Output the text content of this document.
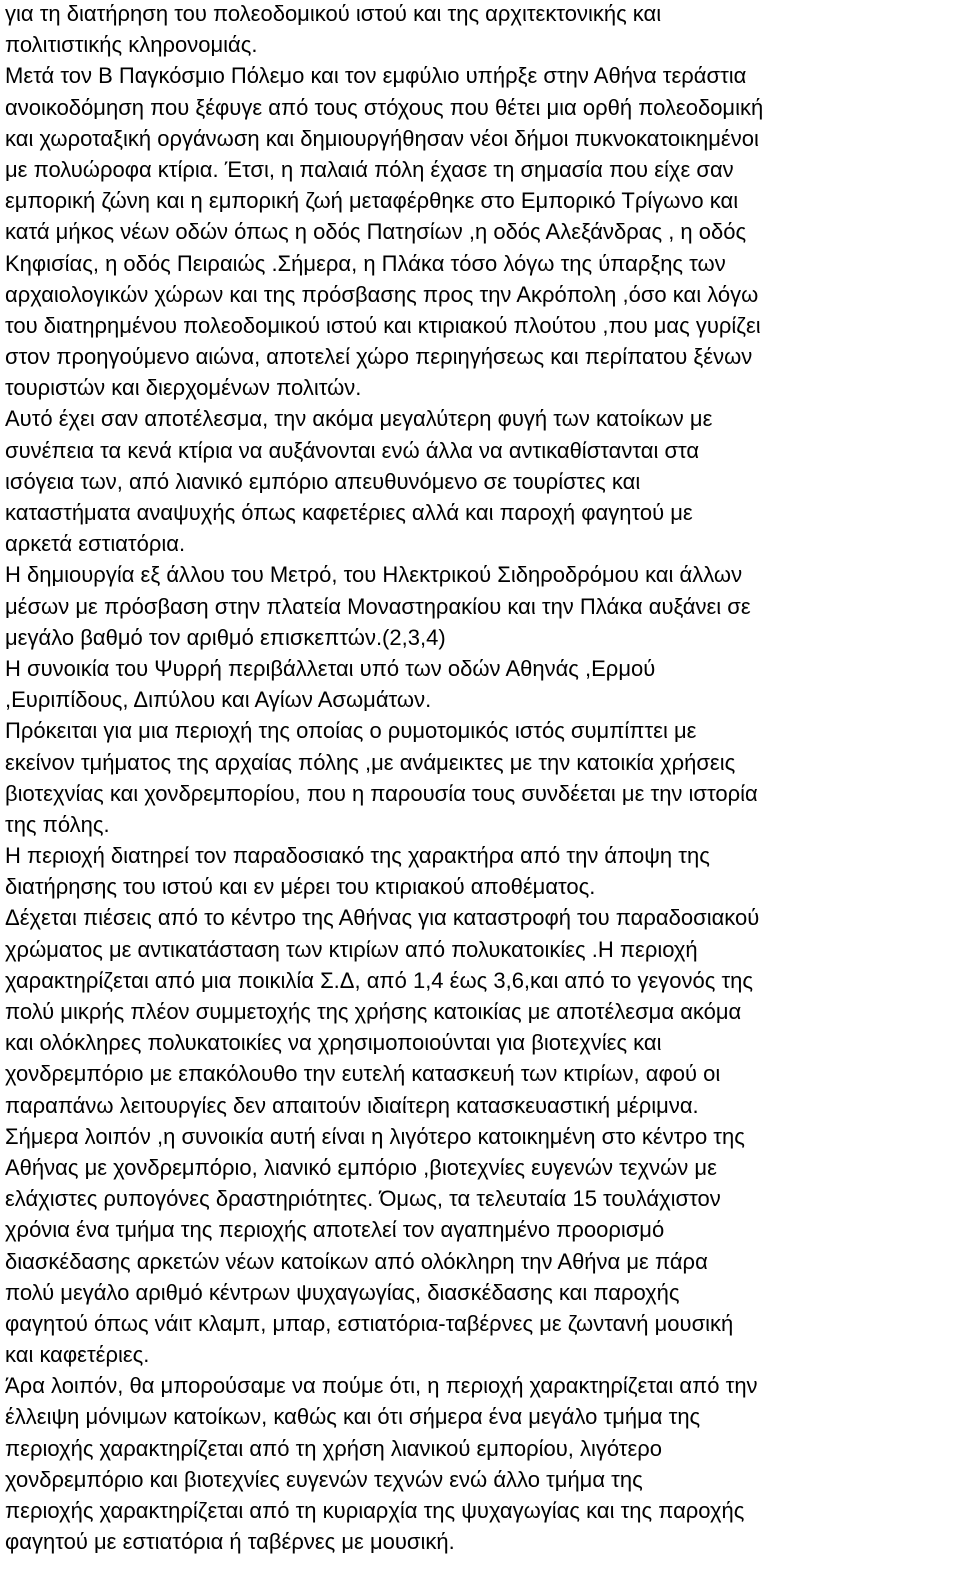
για τη διατήρηση του πολεοδομικού ιστού και της αρχιτεκτονικής και
πολιτιστικής κληρονομιάς.
Μετά τον Β Παγκόσμιο Πόλεμο και τον εμφύλιο υπήρξε στην Αθήνα τεράστια
ανοικοδόμηση που ξέφυγε από τους στόχους που θέτει μια ορθή πολεοδομική
και χωροταξική οργάνωση και δημιουργήθησαν νέοι δήμοι πυκνοκατοικημένοι
με πολυώροφα κτίρια. Έτσι, η παλαιά πόλη έχασε τη σημασία που είχε σαν
εμπορική ζώνη και η εμπορική ζωή μεταφέρθηκε στο Εμπορικό Τρίγωνο και
κατά μήκος νέων οδών όπως η οδός Πατησίων ,η οδός Αλεξάνδρας , η οδός
Κηφισίας, η οδός Πειραιώς .Σήμερα, η Πλάκα τόσο λόγω της ύπαρξης των
αρχαιολογικών χώρων και της πρόσβασης προς την Ακρόπολη ,όσο και λόγω
του διατηρημένου πολεοδομικού ιστού και κτιριακού πλούτου ,που μας γυρίζει
στον προηγούμενο αιώνα, αποτελεί χώρο περιηγήσεως και περίπατου ξένων
τουριστών και διερχομένων πολιτών.
Αυτό έχει σαν αποτέλεσμα, την ακόμα μεγαλύτερη φυγή των κατοίκων με
συνέπεια τα κενά κτίρια να αυξάνονται ενώ άλλα να αντικαθίστανται στα
ισόγεια των, από λιανικό εμπόριο απευθυνόμενο σε τουρίστες και
καταστήματα αναψυχής όπως καφετέριες αλλά και παροχή φαγητού με
αρκετά εστιατόρια.
Η δημιουργία εξ άλλου του Μετρό, του Ηλεκτρικού Σιδηροδρόμου και άλλων
μέσων με πρόσβαση στην πλατεία Μοναστηρακίου και την Πλάκα αυξάνει σε
μεγάλο βαθμό τον αριθμό επισκεπτών.(2,3,4)
Η συνοικία του Ψυρρή περιβάλλεται υπό των οδών Αθηνάς ,Ερμού
,Ευριπίδους, Διπύλου και Αγίων Ασωμάτων.
Πρόκειται για μια περιοχή της οποίας ο ρυμοτομικός ιστός συμπίπτει με
εκείνον τμήματος της αρχαίας πόλης ,με ανάμεικτες με την κατοικία χρήσεις
βιοτεχνίας και χονδρεμπορίου, που η παρουσία τους συνδέεται με την ιστορία
της πόλης.
Η περιοχή διατηρεί τον παραδοσιακό της χαρακτήρα από την άποψη της
διατήρησης του ιστού και εν μέρει του κτιριακού αποθέματος.
Δέχεται πιέσεις από το κέντρο της Αθήνας για καταστροφή του παραδοσιακού
χρώματος με αντικατάσταση των κτιρίων από πολυκατοικίες .Η περιοχή
χαρακτηρίζεται από μια ποικιλία Σ.Δ, από 1,4 έως 3,6,και από το γεγονός της
πολύ μικρής πλέον συμμετοχής της χρήσης κατοικίας με αποτέλεσμα ακόμα
και ολόκληρες πολυκατοικίες να χρησιμοποιούνται για βιοτεχνίες και
χονδρεμπόριο με επακόλουθο την ευτελή κατασκευή των κτιρίων, αφού οι
παραπάνω λειτουργίες δεν απαιτούν ιδιαίτερη κατασκευαστική μέριμνα.
Σήμερα λοιπόν ,η συνοικία αυτή είναι η λιγότερο κατοικημένη στο κέντρο της
Αθήνας με χονδρεμπόριο, λιανικό εμπόριο ,βιοτεχνίες ευγενών τεχνών με
ελάχιστες ρυπογόνες δραστηριότητες. Όμως, τα τελευταία 15 τουλάχιστον
χρόνια ένα τμήμα της περιοχής αποτελεί τον αγαπημένο προορισμό
διασκέδασης αρκετών νέων κατοίκων από ολόκληρη την Αθήνα με πάρα
πολύ μεγάλο αριθμό κέντρων ψυχαγωγίας, διασκέδασης και παροχής
φαγητού όπως νάιτ κλαμπ, μπαρ, εστιατόρια-ταβέρνες με ζωντανή μουσική
και καφετέριες.
Άρα λοιπόν, θα μπορούσαμε να πούμε ότι, η περιοχή χαρακτηρίζεται από την
έλλειψη μόνιμων κατοίκων, καθώς και ότι σήμερα ένα μεγάλο τμήμα της
περιοχής χαρακτηρίζεται από τη χρήση λιανικού εμπορίου, λιγότερο
χονδρεμπόριο και βιοτεχνίες ευγενών τεχνών ενώ άλλο τμήμα της
περιοχής χαρακτηρίζεται από τη κυριαρχία της ψυχαγωγίας και της παροχής
φαγητού με εστιατόρια ή ταβέρνες με μουσική.
